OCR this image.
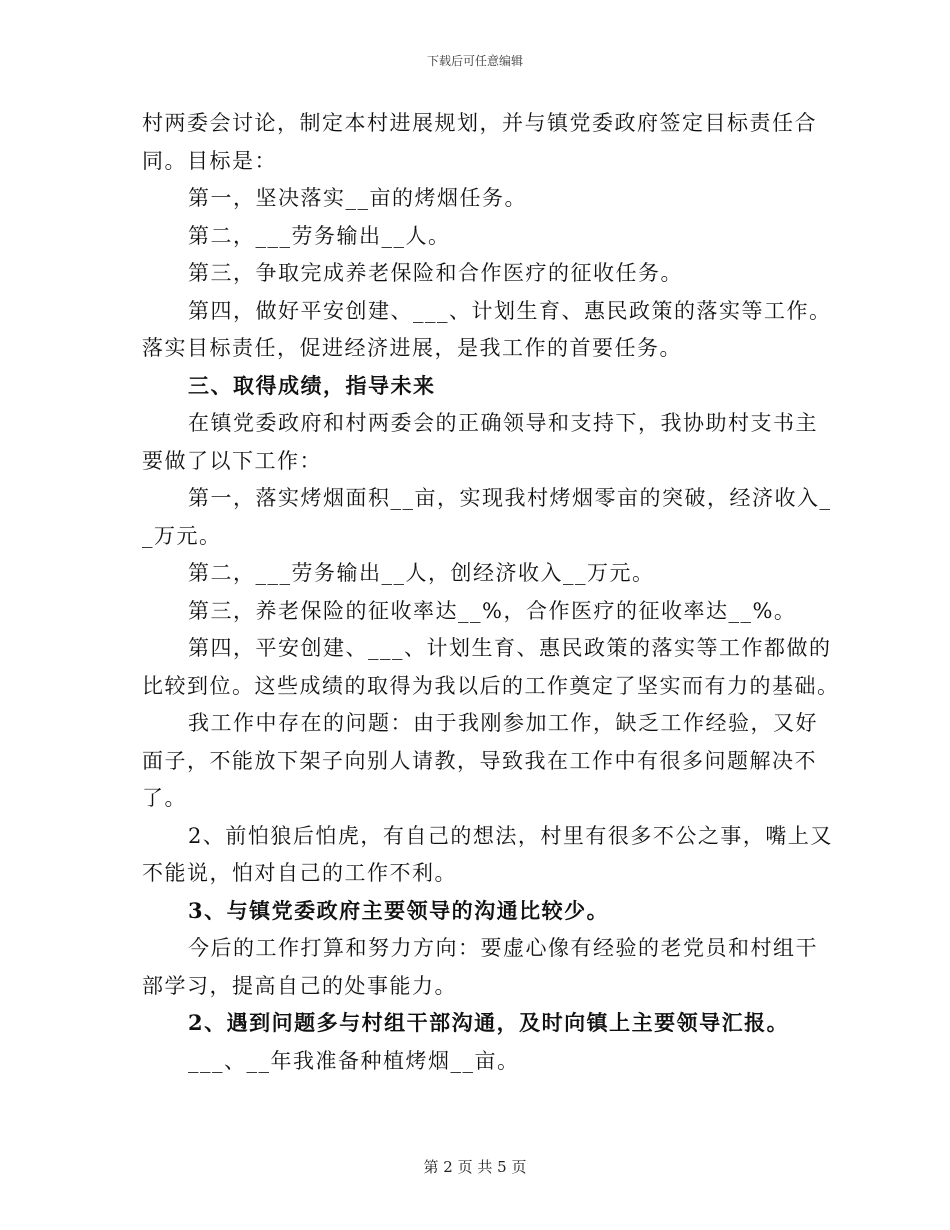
下载后可任意编辑
村两委会讨论，制定本村进展规划，并与镇党委政府签定目标责任合
同。目标是：
第一，坚决落实__亩的烤烟任务。
第二，___劳务输出__人。
第三，争取完成养老保险和合作医疗的征收任务。
第四，做好平安创建、___、计划生育、惠民政策的落实等工作。
落实目标责任，促进经济进展，是我工作的首要任务。
三、取得成绩，指导未来
在镇党委政府和村两委会的正确领导和支持下，我协助村支书主
要做了以下工作：
第一，落实烤烟面积__亩，实现我村烤烟零亩的突破，经济收入_
_万元。
第二，___劳务输出__人，创经济收入__万元。
第三，养老保险的征收率达__%，合作医疗的征收率达__%。
第四，平安创建、___、计划生育、惠民政策的落实等工作都做的
比较到位。这些成绩的取得为我以后的工作奠定了坚实而有力的基础。
我工作中存在的问题：由于我刚参加工作，缺乏工作经验，又好
面子，不能放下架子向别人请教，导致我在工作中有很多问题解决不
了。
2、前怕狼后怕虎，有自己的想法，村里有很多不公之事，嘴上又
不能说，怕对自己的工作不利。
3、与镇党委政府主要领导的沟通比较少。
今后的工作打算和努力方向：要虚心像有经验的老党员和村组干
部学习，提高自己的处事能力。
2、遇到问题多与村组干部沟通，及时向镇上主要领导汇报。
___、__年我准备种植烤烟__亩。
第 2 页 共 5 页
